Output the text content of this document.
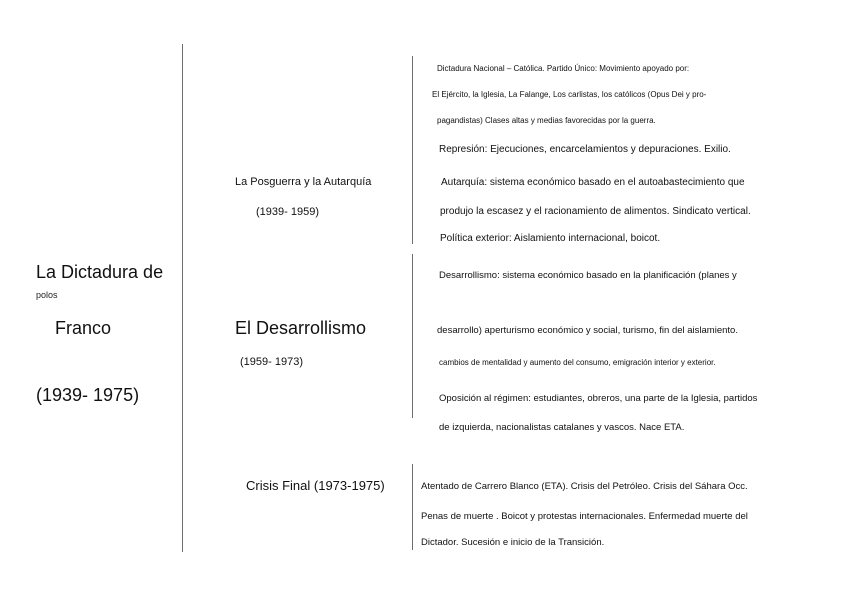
La Dictadura de
polos
Franco
(1939- 1975)
La Posguerra y la Autarquía
(1939- 1959)
El Desarrollismo
(1959- 1973)
Crisis Final (1973-1975)
Dictadura Nacional – Católica. Partido Único: Movimiento apoyado por:
El Ejército, la Iglesia, La Falange, Los carlistas, los católicos (Opus Dei y pro-
pagandistas) Clases altas y medias favorecidas por la guerra.
Represión: Ejecuciones, encarcelamientos y depuraciones. Exilio.
Autarquía: sistema económico basado en el autoabastecimiento que
produjo la escasez y el racionamiento de alimentos. Sindicato vertical.
Política exterior: Aislamiento internacional, boicot.
Desarrollismo: sistema económico basado en la planificación (planes y
desarrollo) aperturismo económico y social, turismo, fin del aislamiento.
cambios de mentalidad y aumento del consumo, emigración interior y exterior.
Oposición al régimen: estudiantes, obreros, una parte de la Iglesia, partidos
de izquierda, nacionalistas catalanes y vascos. Nace ETA.
Atentado de Carrero Blanco (ETA). Crisis del Petróleo. Crisis del Sáhara Occ.
Penas de muerte . Boicot y protestas internacionales. Enfermedad muerte del
Dictador. Sucesión e inicio de la Transición.
